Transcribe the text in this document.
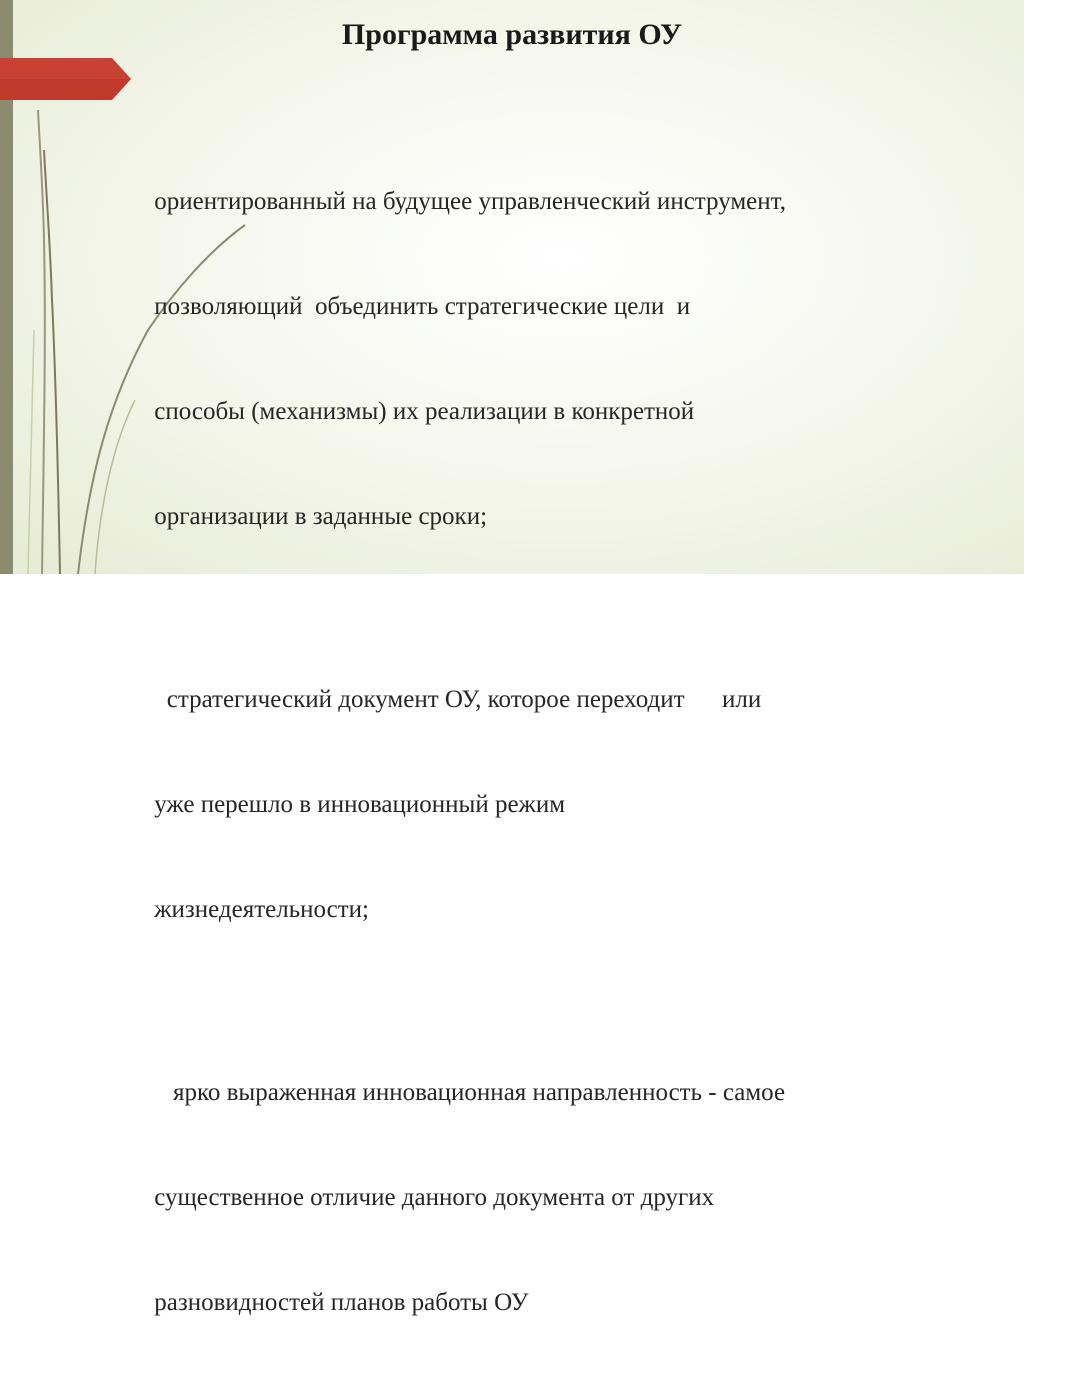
Программа развития ОУ

ориентированный на будущее управленческий инструмент,

позволяющий  объединить стратегические цели  и

способы (механизмы) их реализации в конкретной

организации в заданные сроки;

стратегический документ ОУ, которое переходит      или

уже перешло в инновационный режим

жизнедеятельности;

ярко выраженная инновационная направленность - самое

существенное отличие данного документа от других

разновидностей планов работы ОУ
